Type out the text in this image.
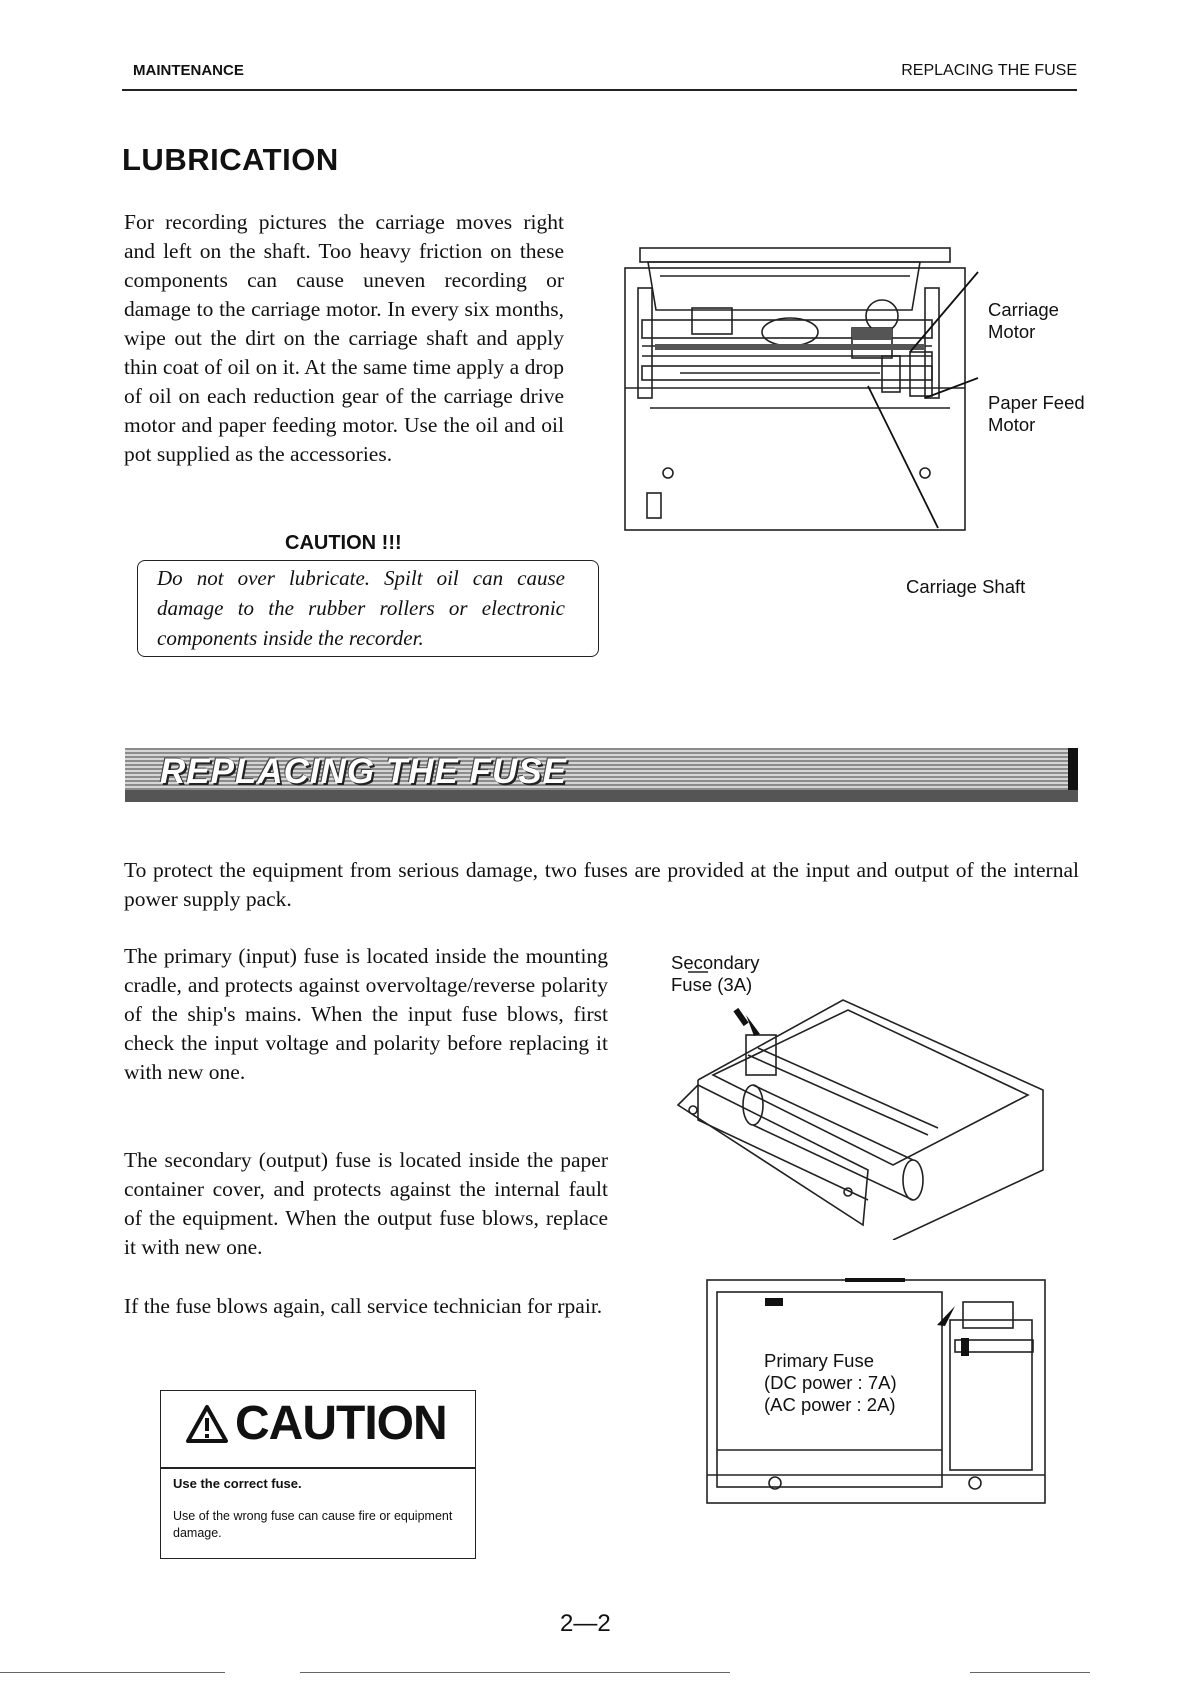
MAINTENANCE	REPLACING THE FUSE
LUBRICATION
For recording pictures the carriage moves right and left on the shaft. Too heavy friction on these components can cause uneven recording or damage to the carriage motor. In every six months, wipe out the dirt on the carriage shaft and apply thin coat of oil on it. At the same time apply a drop of oil on each reduction gear of the carriage drive motor and paper feeding motor. Use the oil and oil pot supplied as the accessories.
CAUTION !!!
Do not over lubricate. Spilt oil can cause damage to the rubber rollers or electronic components inside the recorder.
Carriage
Motor
Paper Feed
Motor
Carriage Shaft
REPLACING THE FUSE
To protect the equipment from serious damage, two fuses are provided at the input and output of the internal power supply pack.
The primary (input) fuse is located inside the mounting cradle, and protects against overvoltage/reverse polarity of the ship's mains. When the input fuse blows, first check the input voltage and polarity before replacing it with new one.
The secondary (output) fuse is located inside the paper container cover, and protects against the internal fault of the equipment. When the output fuse blows, replace it with new one.
If the fuse blows again, call service technician for rpair.
Secondary
Fuse (3A)
Primary Fuse
(DC power : 7A)
(AC power : 2A)
CAUTION
Use the correct fuse.
Use of the wrong fuse can cause fire or equipment damage.
2—2
